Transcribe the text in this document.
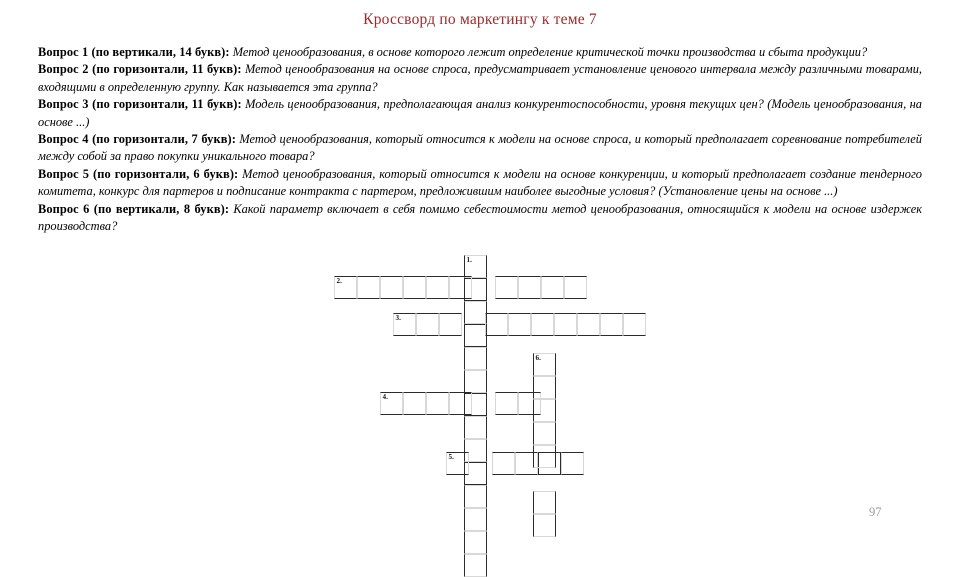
Кроссворд по маркетингу к теме 7

Вопрос 1 (по вертикали, 14 букв): Метод ценообразования, в основе которого лежит определение критической точки производства и сбыта продукции?

Вопрос 2 (по горизонтали, 11 букв): Метод ценообразования на основе спроса, предусматривает установление ценового интервала между различными товарами, входящими в определенную группу. Как называется эта группа?

Вопрос 3 (по горизонтали, 11 букв): Модель ценообразования, предполагающая анализ конкурентоспособности, уровня текущих цен? (Модель ценообразования, на основе ...)

Вопрос 4 (по горизонтали, 7 букв): Метод ценообразования, который относится к модели на основе спроса, и который предполагает соревнование потребителей между собой за право покупки уникального товара?

Вопрос 5 (по горизонтали, 6 букв): Метод ценообразования, который относится к модели на основе конкуренции, и который предполагает создание тендерного комитета, конкурс для партеров и подписание контракта с партером, предложившим наиболее выгодные условия? (Установление цены на основе ...)

Вопрос 6 (по вертикали, 8 букв): Какой параметр включает в себя помимо себестоимости метод ценообразования, относящийся к модели на основе издержек производства?

1.
2.
3.
4.
5.
6.
97
